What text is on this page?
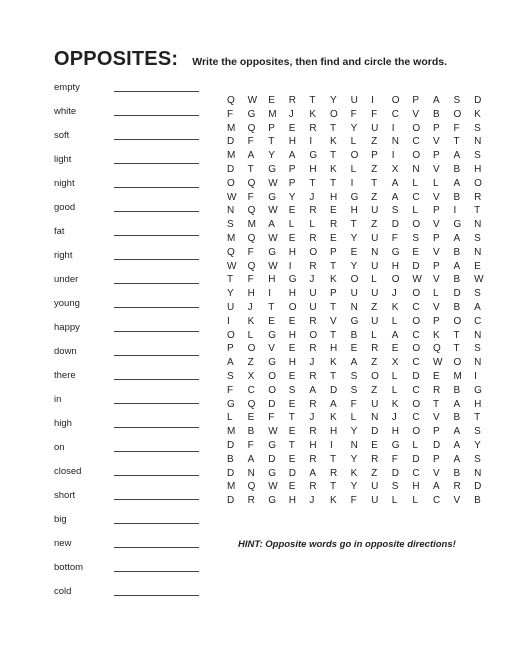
OPPOSITES: Write the opposites, then find and circle the words.
empty
white
soft
light
night
good
fat
right
under
young
happy
down
there
in
high
on
closed
short
big
new
bottom
cold
Q	W	E	R	T	Y	U	I	O	P	A	S	D
F	G	M	J	K	O	F	F	C	V	B	O	K
M	Q	P	E	R	T	Y	U	I	O	P	F	S
D	F	T	H	I	K	L	Z	N	C	V	T	N
M	A	Y	A	G	T	O	P	I	O	P	A	S
D	T	G	P	H	K	L	Z	X	N	V	B	H
O	Q	W	P	T	T	I	T	A	L	L	A	O
W	F	G	Y	J	H	G	Z	A	C	V	B	R
N	Q	W	E	R	E	H	U	S	L	P	I	T
S	M	A	L	L	R	T	Z	D	O	V	G	N
M	Q	W	E	R	E	Y	U	F	S	P	A	S
Q	F	G	H	O	P	E	N	G	E	V	B	N
W	Q	W	I	R	T	Y	U	H	D	P	A	E
T	F	H	G	J	K	O	L	O	W	V	B	W
Y	H	I	H	U	P	U	U	J	O	L	D	S
U	J	T	O	U	T	N	Z	K	C	V	B	A
I	K	E	E	R	V	G	U	L	O	P	O	C
O	L	G	H	O	T	B	L	A	C	K	T	N
P	O	V	E	R	H	E	R	E	O	Q	T	S
A	Z	G	H	J	K	A	Z	X	C	W	O	N
S	X	O	E	R	T	S	O	L	D	E	M	I
F	C	O	S	A	D	S	Z	L	C	R	B	G
G	Q	D	E	R	A	F	U	K	O	T	A	H
L	E	F	T	J	K	L	N	J	C	V	B	T
M	B	W	E	R	H	Y	D	H	O	P	A	S
D	F	G	T	H	I	N	E	G	L	D	A	Y
B	A	D	E	R	T	Y	R	F	D	P	A	S
D	N	G	D	A	R	K	Z	D	C	V	B	N
M	Q	W	E	R	T	Y	U	S	H	A	R	D
D	R	G	H	J	K	F	U	L	L	C	V	B
HINT: Opposite words go in opposite directions!
